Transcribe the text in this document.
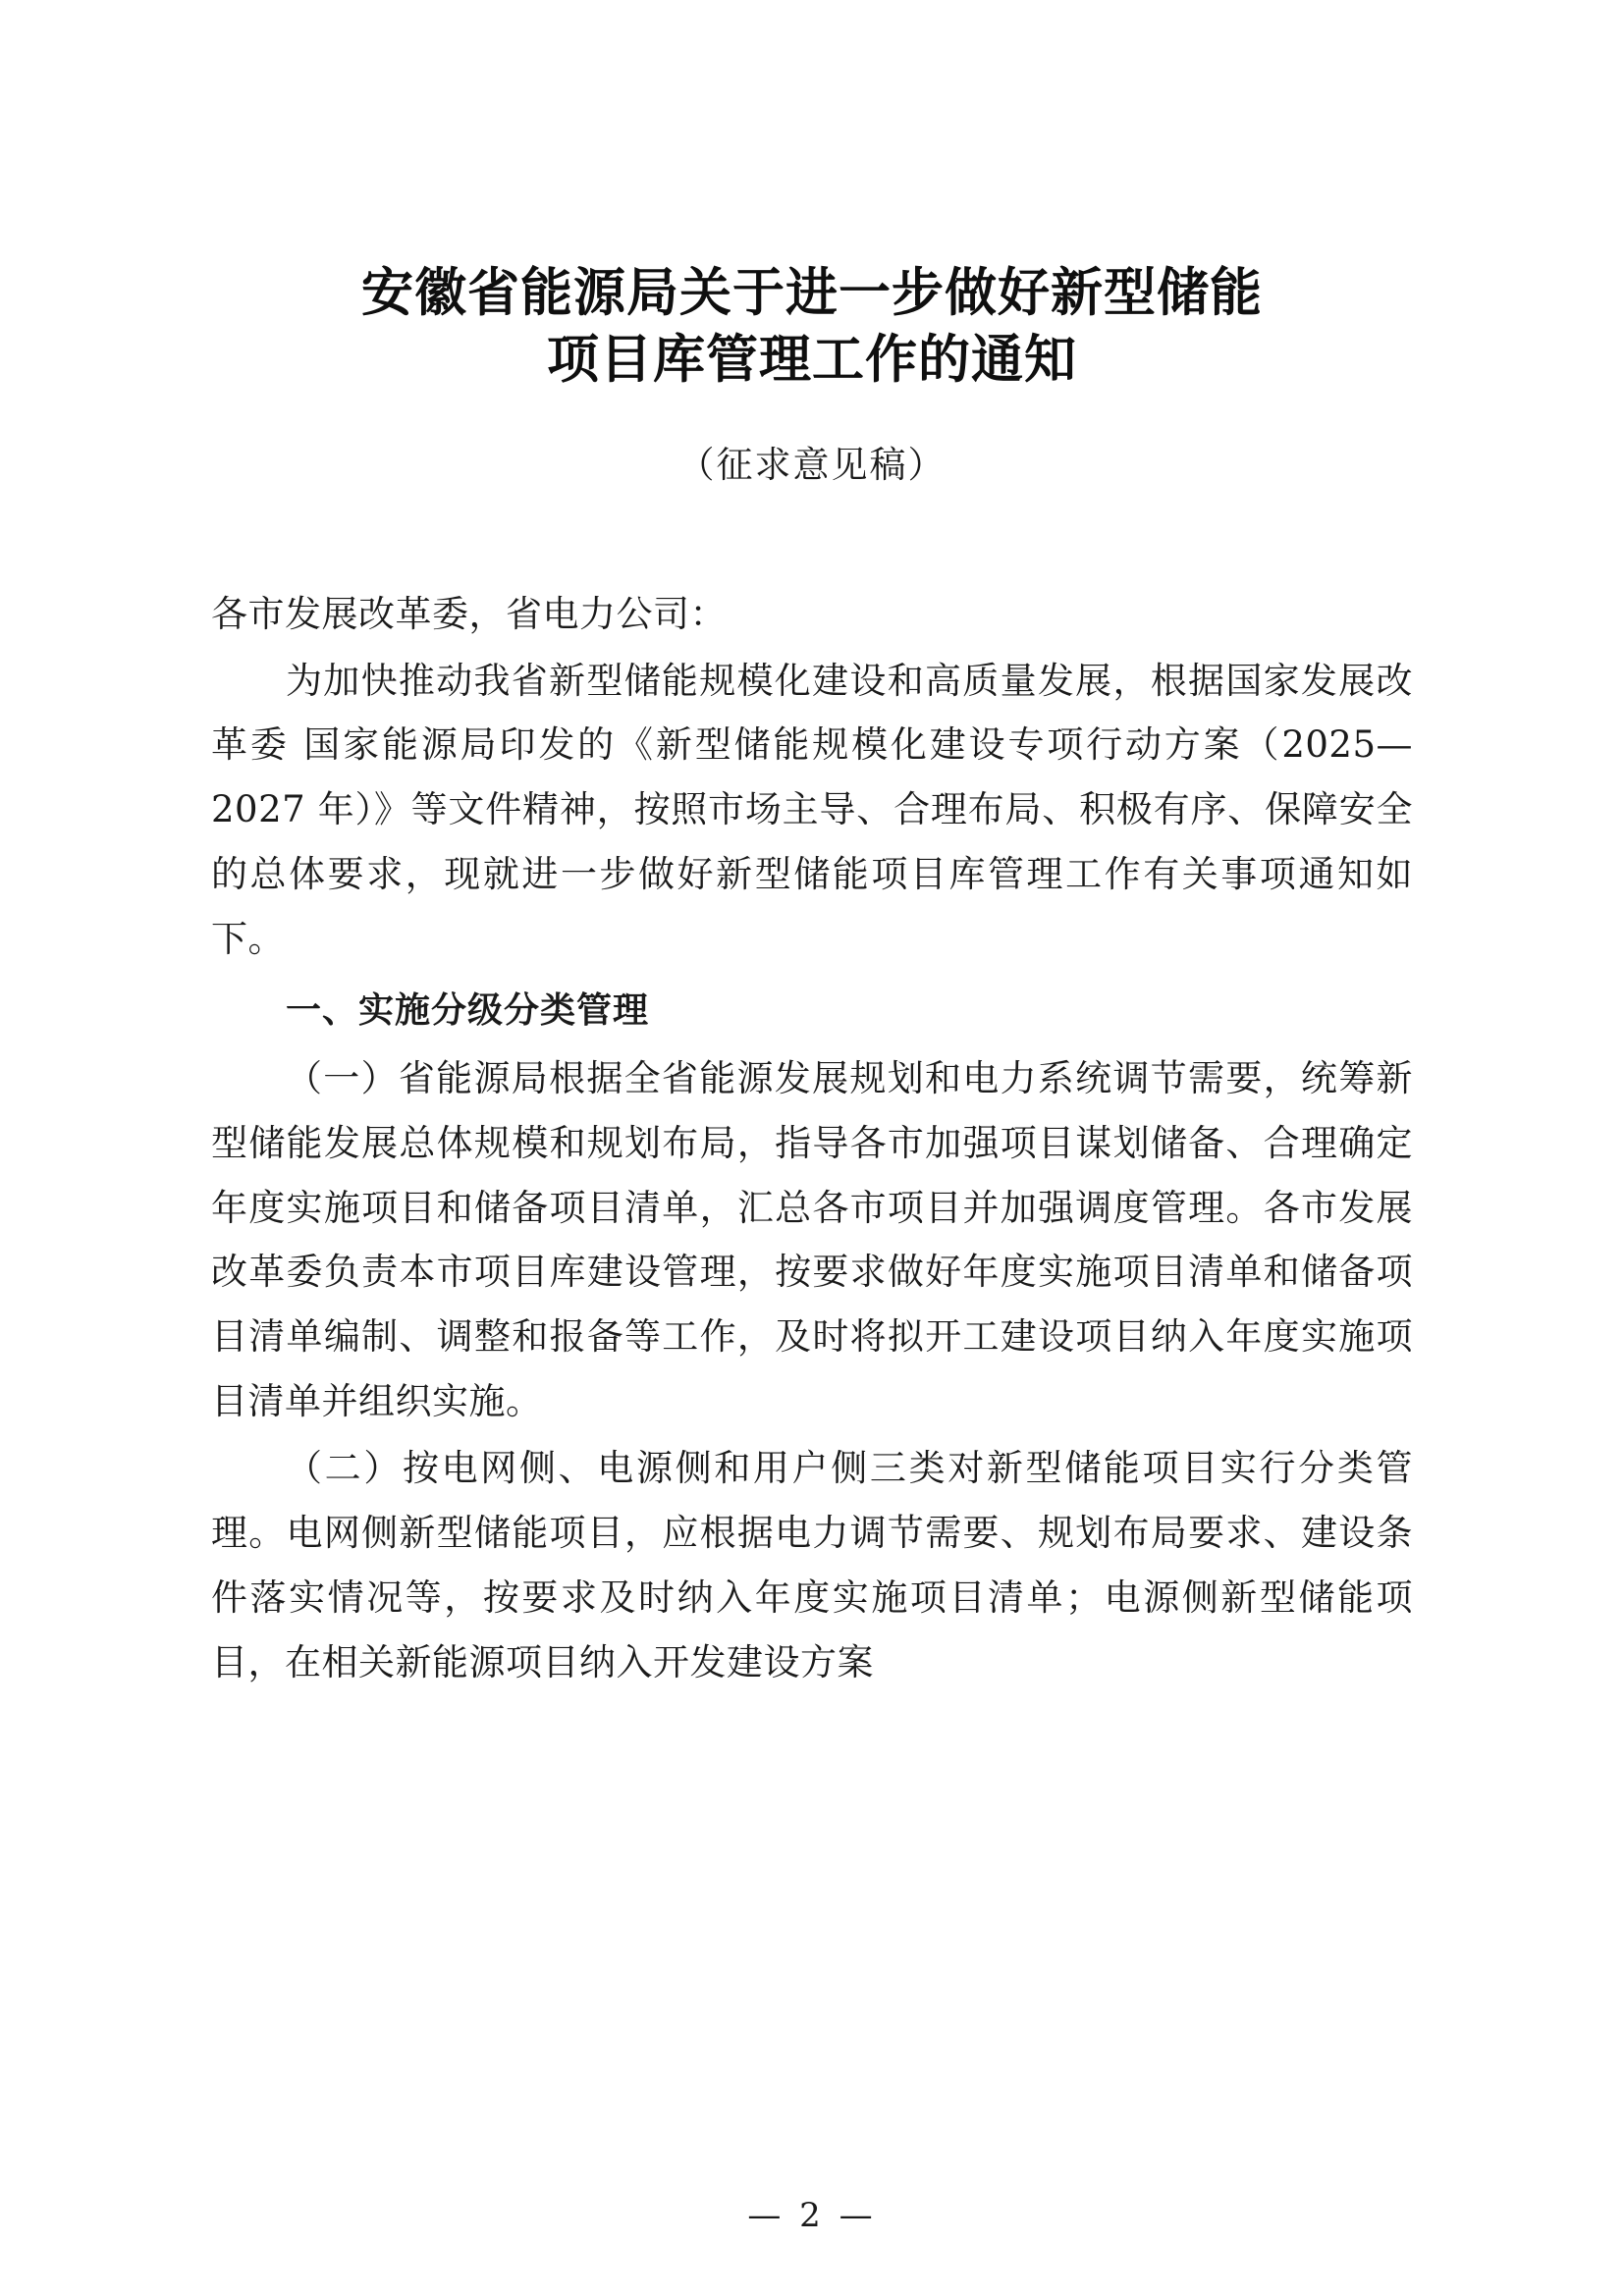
安徽省能源局关于进一步做好新型储能
项目库管理工作的通知
（征求意见稿）

各市发展改革委，省电力公司：

为加快推动我省新型储能规模化建设和高质量发展，根据国家发展改革委 国家能源局印发的《新型储能规模化建设专项行动方案（2025—2027 年）》等文件精神，按照市场主导、合理布局、积极有序、保障安全的总体要求，现就进一步做好新型储能项目库管理工作有关事项通知如下。

一、实施分级分类管理

（一）省能源局根据全省能源发展规划和电力系统调节需要，统筹新型储能发展总体规模和规划布局，指导各市加强项目谋划储备、合理确定年度实施项目和储备项目清单，汇总各市项目并加强调度管理。各市发展改革委负责本市项目库建设管理，按要求做好年度实施项目清单和储备项目清单编制、调整和报备等工作，及时将拟开工建设项目纳入年度实施项目清单并组织实施。

（二）按电网侧、电源侧和用户侧三类对新型储能项目实行分类管理。电网侧新型储能项目，应根据电力调节需要、规划布局要求、建设条件落实情况等，按要求及时纳入年度实施项目清单；电源侧新型储能项目，在相关新能源项目纳入开发建设方案

— 2 —
